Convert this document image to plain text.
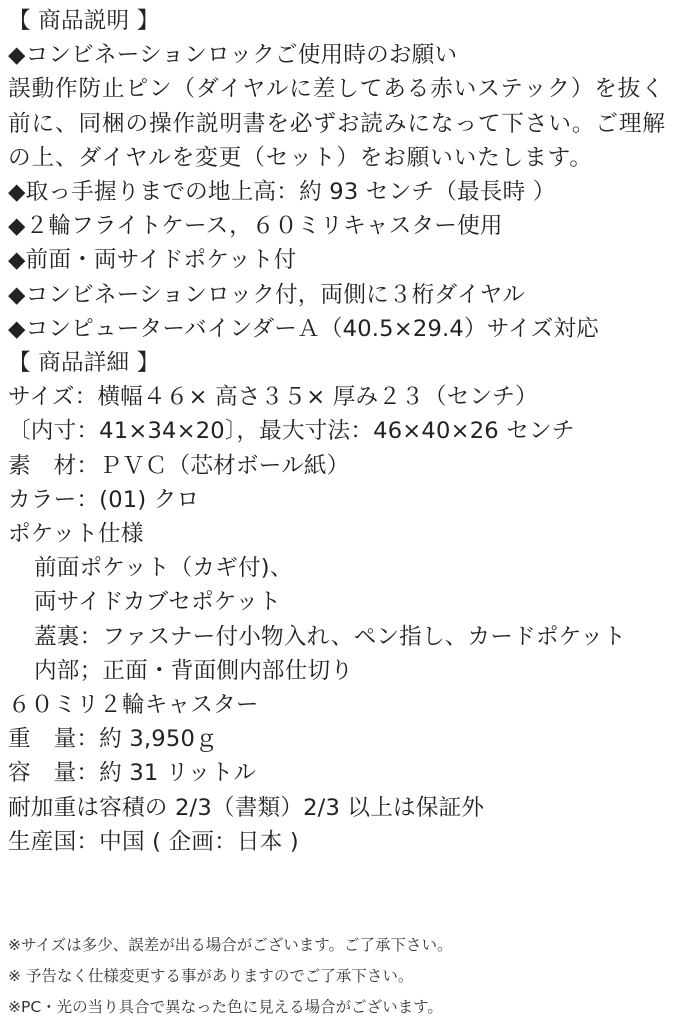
【 商品説明 】
◆コンビネーションロックご使用時のお願い
誤動作防止ピン（ダイヤルに差してある赤いステック）を抜く前に、同梱の操作説明書を必ずお読みになって下さい。ご理解の上、ダイヤルを変更（セット）をお願いいたします。
◆取っ手握りまでの地上高：約 93 センチ（最長時 ）
◆２輪フライトケース，６０ミリキャスター使用
◆前面・両サイドポケット付
◆コンビネーションロック付，両側に３桁ダイヤル
◆コンピューターバインダーＡ（40.5×29.4）サイズ対応
【 商品詳細 】
サイズ：横幅４６× 高さ３５× 厚み２３（センチ）
〔内寸：41×34×20〕，最大寸法：46×40×26 センチ
素　材：ＰＶＣ（芯材ボール紙）
カラー：(01) クロ
ポケット仕様
前面ポケット（カギ付)、
両サイドカブセポケット
蓋裏：ファスナー付小物入れ、ペン指し、カードポケット
内部；正面・背面側内部仕切り
６０ミリ２輪キャスター
重　量：約 3,950ｇ
容　量：約 31 リットル
耐加重は容積の 2/3（書類）2/3 以上は保証外
生産国：中国 ( 企画：日本 )
※サイズは多少、誤差が出る場合がございます。ご了承下さい。
※ 予告なく仕様変更する事がありますのでご了承下さい。
※PC・光の当り具合で異なった色に見える場合がございます。
